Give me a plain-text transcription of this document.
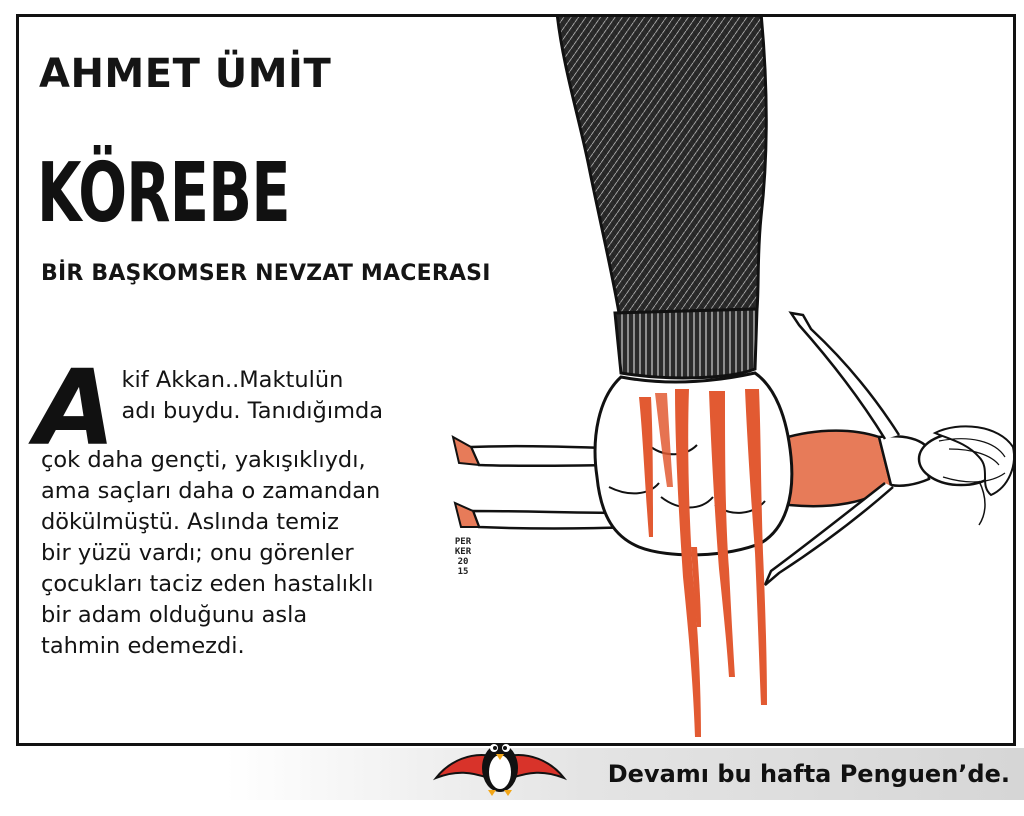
AHMET ÜMİT
KÖREBE
BİR BAŞKOMSER NEVZAT MACERASI
A kif Akkan..Maktulün

adı buydu. Tanıdığımda

çok daha gençti, yakışıklıydı,

ama saçları daha o zamandan

dökülmüştü. Aslında temiz

bir yüzü vardı; onu görenler

çocukları taciz eden hastalıklı

bir adam olduğunu asla

tahmin edemezdi.

PER
KER
20
15
Devamı bu hafta Penguen’de.
